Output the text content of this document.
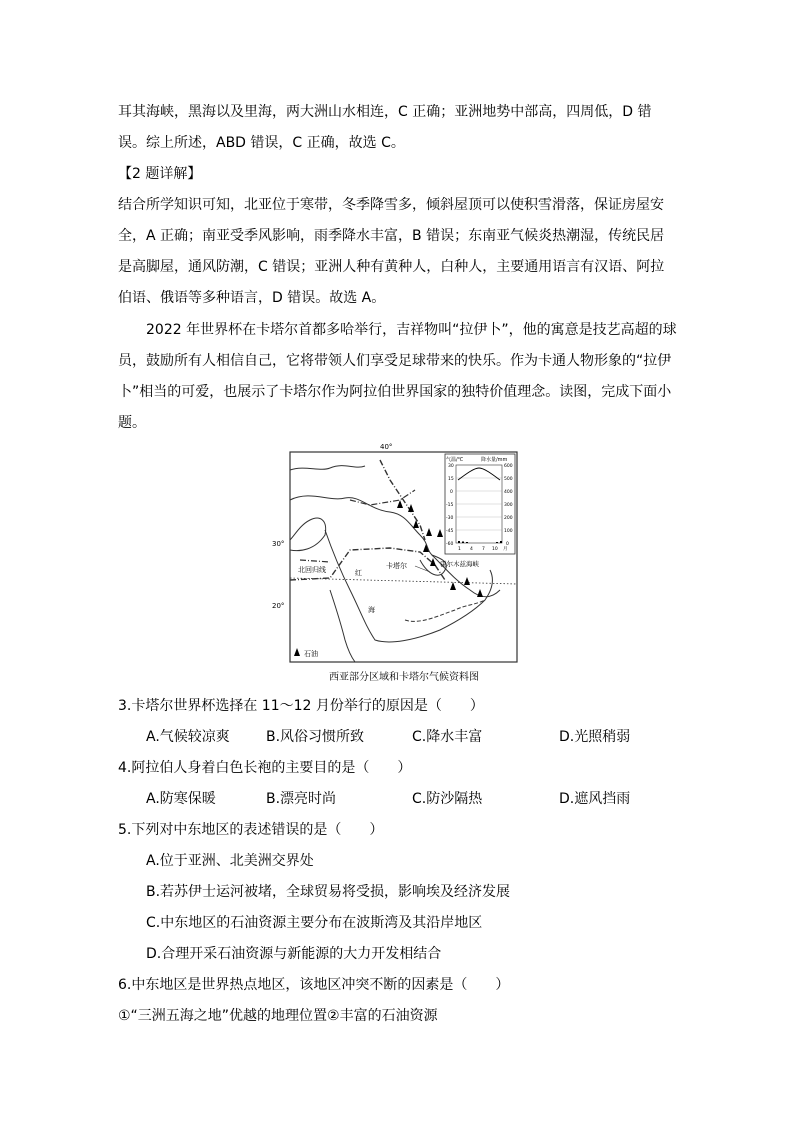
耳其海峡，黑海以及里海，两大洲山水相连，C 正确；亚洲地势中部高，四周低，D 错
误。综上所述，ABD 错误，C 正确，故选 C。
【2 题详解】
结合所学知识可知，北亚位于寒带，冬季降雪多，倾斜屋顶可以使积雪滑落，保证房屋安
全，A 正确；南亚受季风影响，雨季降水丰富，B 错误；东南亚气候炎热潮湿，传统民居
是高脚屋，通风防潮，C 错误；亚洲人种有黄种人，白种人，主要通用语言有汉语、阿拉
伯语、俄语等多种语言，D 错误。故选 A。
2022 年世界杯在卡塔尔首都多哈举行，吉祥物叫“拉伊卜”，他的寓意是技艺高超的球
员，鼓励所有人相信自己，它将带领人们享受足球带来的快乐。作为卡通人物形象的“拉伊
卜”相当的可爱，也展示了卡塔尔作为阿拉伯世界国家的独特价值理念。读图，完成下面小
题。
40°
30°
20°
北回归线	红
海
卡塔尔	霍尔木兹海峡
石油
气温/℃	降水量/mm
30
15
0
-15
-30
-45
-60
600
500
400
300
200
100
0
1 4 7 10 月
西亚部分区域和卡塔尔气候资料图
3.卡塔尔世界杯选择在 11～12 月份举行的原因是（　　）
A.气候较凉爽	B.风俗习惯所致	C.降水丰富	D.光照稍弱
4.阿拉伯人身着白色长袍的主要目的是（　　）
A.防寒保暖	B.漂亮时尚	C.防沙隔热	D.遮风挡雨
5.下列对中东地区的表述错误的是（　　）
A.位于亚洲、北美洲交界处
B.若苏伊士运河被堵，全球贸易将受损，影响埃及经济发展
C.中东地区的石油资源主要分布在波斯湾及其沿岸地区
D.合理开采石油资源与新能源的大力开发相结合
6.中东地区是世界热点地区，该地区冲突不断的因素是（　　）
①“三洲五海之地”优越的地理位置②丰富的石油资源
